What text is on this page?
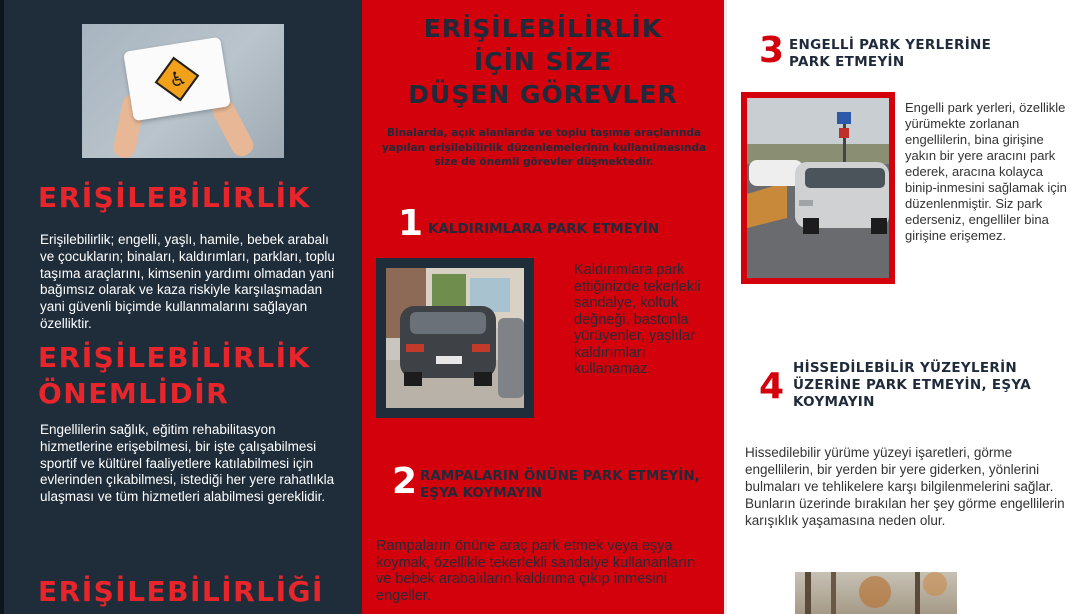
♿
ERİŞİLEBİLİRLİK
Erişilebilirlik; engelli, yaşlı, hamile, bebek arabalı ve çocukların; binaları, kaldırımları, parkları, toplu taşıma araçlarını, kimsenin yardımı olmadan yani bağımsız olarak ve kaza riskiyle karşılaşmadan yani güvenli biçimde kullanmalarını sağlayan özelliktir.
ERİŞİLEBİLİRLİK
ÖNEMLİDİR
Engellilerin sağlık, eğitim rehabilitasyon hizmetlerine erişebilmesi, bir işte çalışabilmesi sportif ve kültürel faaliyetlere katılabilmesi için evlerinden çıkabilmesi, istediği her yere rahatlıkla ulaşması ve tüm hizmetleri alabilmesi gereklidir.
ERİŞİLEBİLİRLİĞİ
ERİŞİLEBİLİRLİK
İÇİN SİZE
DÜŞEN GÖREVLER
Binalarda, açık alanlarda ve toplu taşıma araçlarında yapılan erişilebilirlik düzenlemelerinin kullanılmasında size de önemli görevler düşmektedir.
1 KALDIRIMLARA PARK ETMEYİN
Kaldırımlara park ettiğinizde tekerlekli sandalye, koltuk değneği, bastonla yürüyenler, yaşlılar kaldırımları kullanamaz.
2 RAMPALARIN ÖNÜNE PARK ETMEYİN, EŞYA KOYMAYIN
Rampaların önüne araç park etmek veya eşya koymak, özellikle tekerlekli sandalye kullananların ve bebek arabalıların kaldırıma çıkıp inmesini engeller.
3 ENGELLİ PARK YERLERİNE PARK ETMEYİN
Engelli park yerleri, özellikle yürümekte zorlanan engellilerin, bina girişine yakın bir yere aracını park ederek, aracına kolayca binip-inmesini sağlamak için düzenlenmiştir. Siz park ederseniz, engelliler bina girişine erişemez.
4 HİSSEDİLEBİLİR YÜZEYLERİN ÜZERİNE PARK ETMEYİN, EŞYA KOYMAYIN
Hissedilebilir yürüme yüzeyi işaretleri, görme engellilerin, bir yerden bir yere giderken, yönlerini bulmaları ve tehlikelere karşı bilgilenmelerini sağlar. Bunların üzerinde bırakılan her şey görme engellilerin karışıklık yaşamasına neden olur.
